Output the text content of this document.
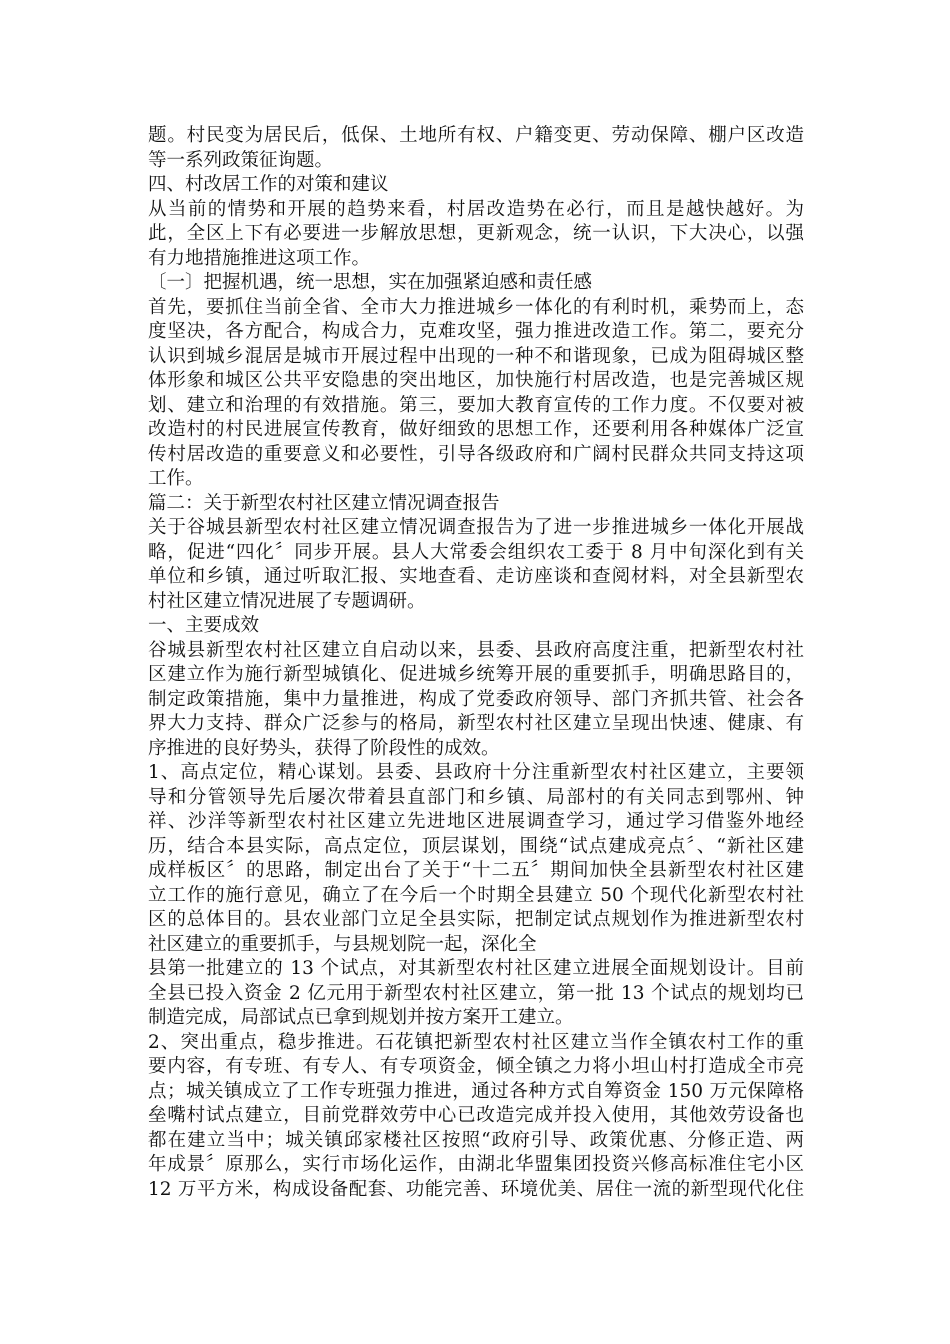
题。村民变为居民后，低保、土地所有权、户籍变更、劳动保障、棚户区改造
等一系列政策征询题。
四、村改居工作的对策和建议
从当前的情势和开展的趋势来看，村居改造势在必行，而且是越快越好。为
此，全区上下有必要进一步解放思想，更新观念，统一认识，下大决心，以强
有力地措施推进这项工作。
〔一〕把握机遇，统一思想，实在加强紧迫感和责任感
首先，要抓住当前全省、全市大力推进城乡一体化的有利时机，乘势而上，态
度坚决，各方配合，构成合力，克难攻坚，强力推进改造工作。第二，要充分
认识到城乡混居是城市开展过程中出现的一种不和谐现象，已成为阻碍城区整
体形象和城区公共平安隐患的突出地区，加快施行村居改造，也是完善城区规
划、建立和治理的有效措施。第三，要加大教育宣传的工作力度。不仅要对被
改造村的村民进展宣传教育，做好细致的思想工作，还要利用各种媒体广泛宣
传村居改造的重要意义和必要性，引导各级政府和广阔村民群众共同支持这项
工作。
篇二：关于新型农村社区建立情况调查报告
关于谷城县新型农村社区建立情况调查报告为了进一步推进城乡一体化开展战
略，促进“四化〞同步开展。县人大常委会组织农工委于 8 月中旬深化到有关
单位和乡镇，通过听取汇报、实地查看、走访座谈和查阅材料，对全县新型农
村社区建立情况进展了专题调研。
一、主要成效
谷城县新型农村社区建立自启动以来，县委、县政府高度注重，把新型农村社
区建立作为施行新型城镇化、促进城乡统筹开展的重要抓手，明确思路目的，
制定政策措施，集中力量推进，构成了党委政府领导、部门齐抓共管、社会各
界大力支持、群众广泛参与的格局，新型农村社区建立呈现出快速、健康、有
序推进的良好势头，获得了阶段性的成效。
1、高点定位，精心谋划。县委、县政府十分注重新型农村社区建立，主要领
导和分管领导先后屡次带着县直部门和乡镇、局部村的有关同志到鄂州、钟
祥、沙洋等新型农村社区建立先进地区进展调查学习，通过学习借鉴外地经
历，结合本县实际，高点定位，顶层谋划，围绕“试点建成亮点〞、“新社区建
成样板区〞的思路，制定出台了关于“十二五〞期间加快全县新型农村社区建
立工作的施行意见，确立了在今后一个时期全县建立 50 个现代化新型农村社
区的总体目的。县农业部门立足全县实际，把制定试点规划作为推进新型农村
社区建立的重要抓手，与县规划院一起，深化全
县第一批建立的 13 个试点，对其新型农村社区建立进展全面规划设计。目前
全县已投入资金 2 亿元用于新型农村社区建立，第一批 13 个试点的规划均已
制造完成，局部试点已拿到规划并按方案开工建立。
2、突出重点，稳步推进。石花镇把新型农村社区建立当作全镇农村工作的重
要内容，有专班、有专人、有专项资金，倾全镇之力将小坦山村打造成全市亮
点；城关镇成立了工作专班强力推进，通过各种方式自筹资金 150 万元保障格
垒嘴村试点建立，目前党群效劳中心已改造完成并投入使用，其他效劳设备也
都在建立当中；城关镇邱家楼社区按照“政府引导、政策优惠、分修正造、两
年成景〞原那么，实行市场化运作，由湖北华盟集团投资兴修高标准住宅小区
12 万平方米，构成设备配套、功能完善、环境优美、居住一流的新型现代化住
